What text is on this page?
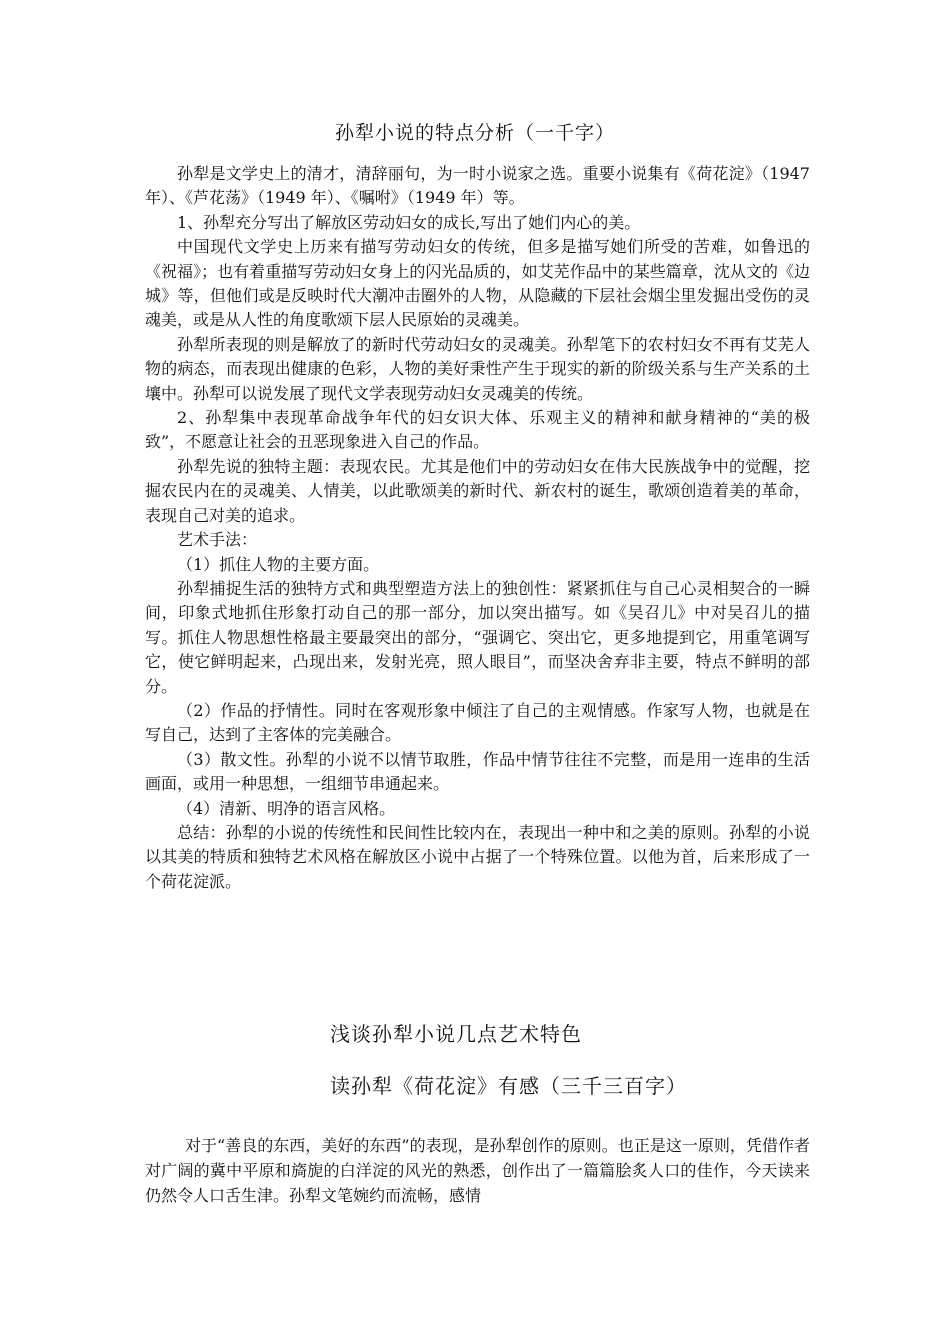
孙犁小说的特点分析（一千字）

孙犁是文学史上的清才，清辞丽句，为一时小说家之选。重要小说集有《荷花淀》（1947 年）、《芦花荡》（1949 年）、《嘱咐》（1949 年）等。

1、孙犁充分写出了解放区劳动妇女的成长,写出了她们内心的美。

中国现代文学史上历来有描写劳动妇女的传统，但多是描写她们所受的苦难，如鲁迅的《祝福》；也有着重描写劳动妇女身上的闪光品质的，如艾芜作品中的某些篇章，沈从文的《边城》等，但他们或是反映时代大潮冲击圈外的人物，从隐藏的下层社会烟尘里发掘出受伤的灵魂美，或是从人性的角度歌颂下层人民原始的灵魂美。

孙犁所表现的则是解放了的新时代劳动妇女的灵魂美。孙犁笔下的农村妇女不再有艾芜人物的病态，而表现出健康的色彩，人物的美好秉性产生于现实的新的阶级关系与生产关系的土壤中。孙犁可以说发展了现代文学表现劳动妇女灵魂美的传统。

2、孙犁集中表现革命战争年代的妇女识大体、乐观主义的精神和献身精神的“美的极致”，不愿意让社会的丑恶现象进入自己的作品。

孙犁先说的独特主题：表现农民。尤其是他们中的劳动妇女在伟大民族战争中的觉醒，挖掘农民内在的灵魂美、人情美，以此歌颂美的新时代、新农村的诞生，歌颂创造着美的革命，表现自己对美的追求。

艺术手法：

（1）抓住人物的主要方面。

孙犁捕捉生活的独特方式和典型塑造方法上的独创性：紧紧抓住与自己心灵相契合的一瞬间，印象式地抓住形象打动自己的那一部分，加以突出描写。如《吴召儿》中对吴召儿的描写。抓住人物思想性格最主要最突出的部分，“强调它、突出它，更多地提到它，用重笔调写它，使它鲜明起来，凸现出来，发射光亮，照人眼目”，而坚决舍弃非主要，特点不鲜明的部分。

（2）作品的抒情性。同时在客观形象中倾注了自己的主观情感。作家写人物，也就是在写自己，达到了主客体的完美融合。

（3）散文性。孙犁的小说不以情节取胜，作品中情节往往不完整，而是用一连串的生活画面，或用一种思想，一组细节串通起来。

（4）清新、明净的语言风格。

总结：孙犁的小说的传统性和民间性比较内在，表现出一种中和之美的原则。孙犁的小说以其美的特质和独特艺术风格在解放区小说中占据了一个特殊位置。以他为首，后来形成了一个荷花淀派。

浅谈孙犁小说几点艺术特色
读孙犁《荷花淀》有感（三千三百字）

对于“善良的东西，美好的东西”的表现，是孙犁创作的原则。也正是这一原则，凭借作者对广阔的冀中平原和旖旎的白洋淀的风光的熟悉，创作出了一篇篇脍炙人口的佳作，今天读来仍然令人口舌生津。孙犁文笔婉约而流畅，感情
